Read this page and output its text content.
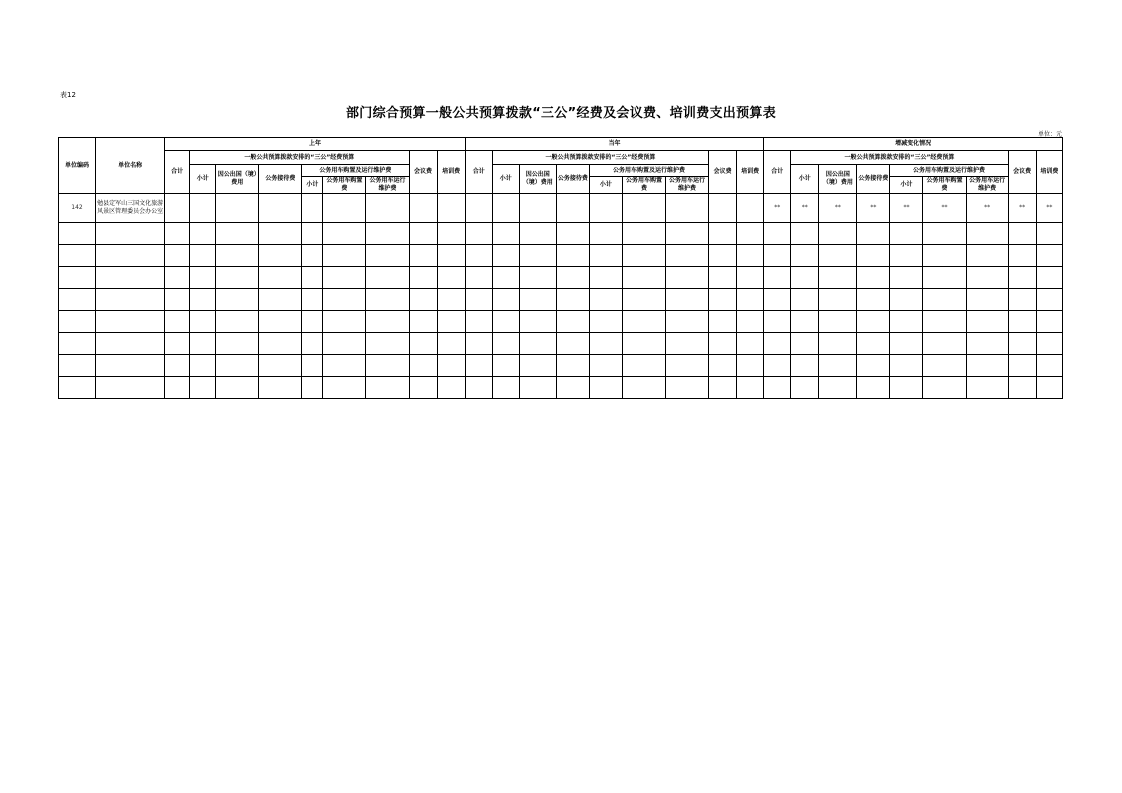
表12
部门综合预算一般公共预算拨款“三公”经费及会议费、培训费支出预算表
单位：元
单位编码	单位名称	上年									当年									增减变化情况								
		合计	一般公共预算拨款安排的“三公”经费预算						会议费	培训费	合计	一般公共预算拨款安排的“三公”经费预算						会议费	培训费	合计	一般公共预算拨款安排的“三公”经费预算						会议费	培训费
			小计	因公出国（境）费用	公务接待费	公务用车购置及运行维护费						小计	因公出国（境）费用	公务接待费	公务用车购置及运行维护费						小计	因公出国（境）费用	公务接待费	公务用车购置及运行维护费				
						小计	公务用车购置费	公务用车运行维护费							小计	公务用车购置费	公务用车运行维护费							小计	公务用车购置费	公务用车运行维护费		
142	勉县定军山三国文化旅游风景区管理委员会办公室																			**	**	**	**	**	**	**	**	**
